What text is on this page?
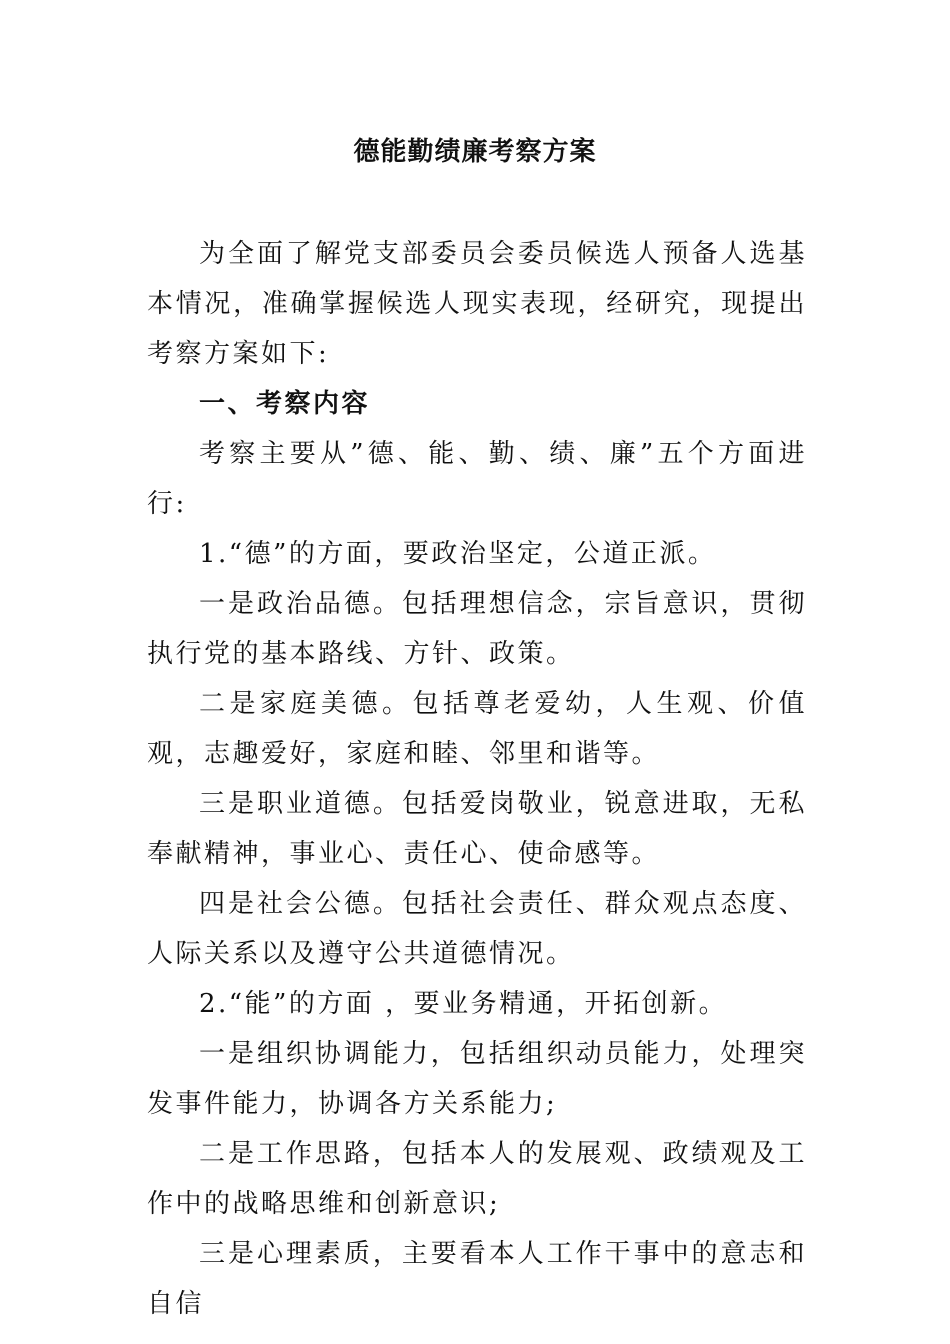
德能勤绩廉考察方案

为全面了解党支部委员会委员候选人预备人选基本情况，准确掌握候选人现实表现，经研究，现提出考察方案如下:

一、考察内容

考察主要从”德、能、勤、绩、廉”五个方面进行:

1.“德”的方面，要政治坚定，公道正派。

一是政治品德。包括理想信念，宗旨意识，贯彻执行党的基本路线、方针、政策。

二是家庭美德。包括尊老爱幼，人生观、价值观，志趣爱好，家庭和睦、邻里和谐等。

三是职业道德。包括爱岗敬业，锐意进取，无私奉献精神，事业心、责任心、使命感等。

四是社会公德。包括社会责任、群众观点态度、人际关系以及遵守公共道德情况。

2.“能”的方面 ，要业务精通，开拓创新。

一是组织协调能力，包括组织动员能力，处理突发事件能力，协调各方关系能力;

二是工作思路，包括本人的发展观、政绩观及工作中的战略思维和创新意识;

三是心理素质，主要看本人工作干事中的意志和自信
